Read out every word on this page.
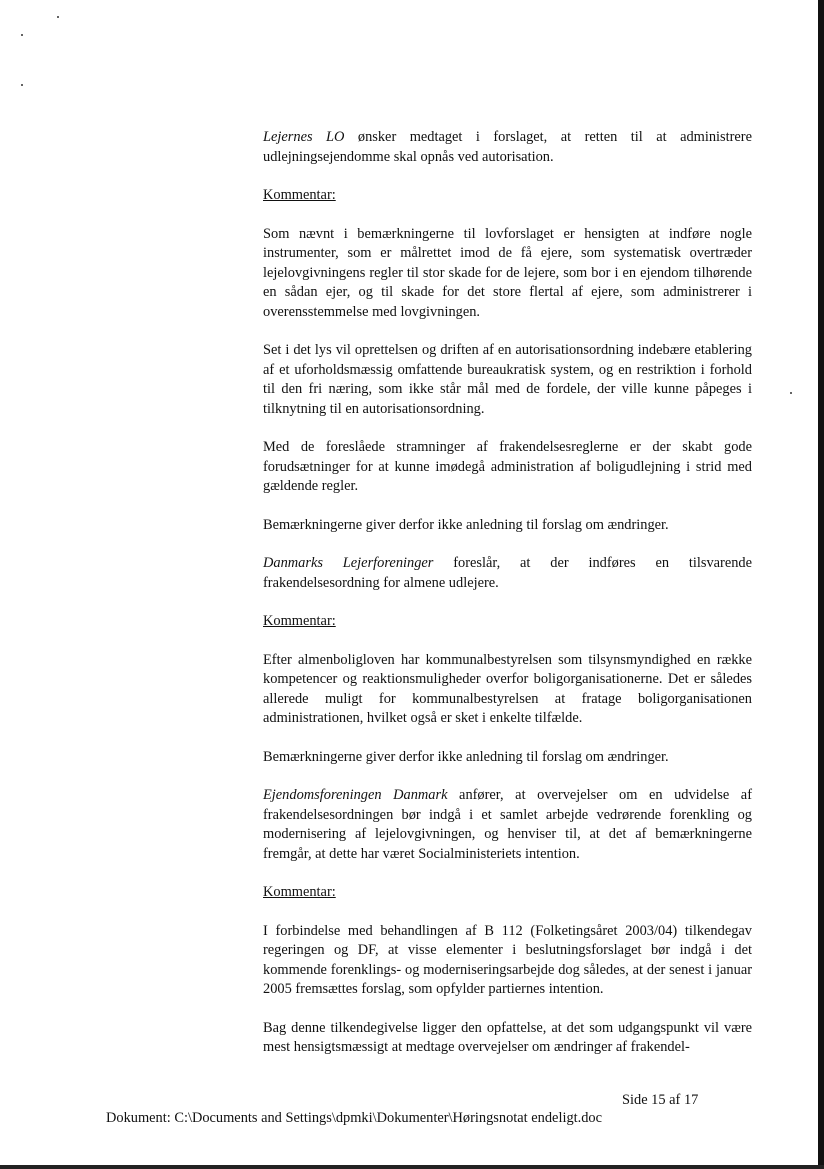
Lejernes LO ønsker medtaget i forslaget, at retten til at administrere udlejningsejendomme skal opnås ved autorisation.

Kommentar:

Som nævnt i bemærkningerne til lovforslaget er hensigten at indføre nogle instrumenter, som er målrettet imod de få ejere, som systematisk overtræder lejelovgivningens regler til stor skade for de lejere, som bor i en ejendom tilhørende en sådan ejer, og til skade for det store flertal af ejere, som administrerer i overensstemmelse med lovgivningen.

Set i det lys vil oprettelsen og driften af en autorisationsordning indebære etablering af et uforholdsmæssig omfattende bureaukratisk system, og en restriktion i forhold til den fri næring, som ikke står mål med de fordele, der ville kunne påpeges i tilknytning til en autorisationsordning.

Med de foreslåede stramninger af frakendelsesreglerne er der skabt gode forudsætninger for at kunne imødegå administration af boligudlejning i strid med gældende regler.

Bemærkningerne giver derfor ikke anledning til forslag om ændringer.

Danmarks Lejerforeninger foreslår, at der indføres en tilsvarende frakendelsesordning for almene udlejere.

Kommentar:

Efter almenboligloven har kommunalbestyrelsen som tilsynsmyndighed en række kompetencer og reaktionsmuligheder overfor boligorganisationerne. Det er således allerede muligt for kommunalbestyrelsen at fratage boligorganisationen administrationen, hvilket også er sket i enkelte tilfælde.

Bemærkningerne giver derfor ikke anledning til forslag om ændringer.

Ejendomsforeningen Danmark anfører, at overvejelser om en udvidelse af frakendelsesordningen bør indgå i et samlet arbejde vedrørende forenkling og modernisering af lejelovgivningen, og henviser til, at det af bemærkningerne fremgår, at dette har været Socialministeriets intention.

Kommentar:

I forbindelse med behandlingen af B 112 (Folketingsåret 2003/04) tilkendegav regeringen og DF, at visse elementer i beslutningsforslaget bør indgå i det kommende forenklings- og moderniseringsarbejde dog således, at der senest i januar 2005 fremsættes forslag, som opfylder partiernes intention.

Bag denne tilkendegivelse ligger den opfattelse, at det som udgangspunkt vil være mest hensigtsmæssigt at medtage overvejelser om ændringer af frakendel-

Side 15 af 17
Dokument: C:\Documents and Settings\dpmki\Dokumenter\Høringsnotat endeligt.doc
